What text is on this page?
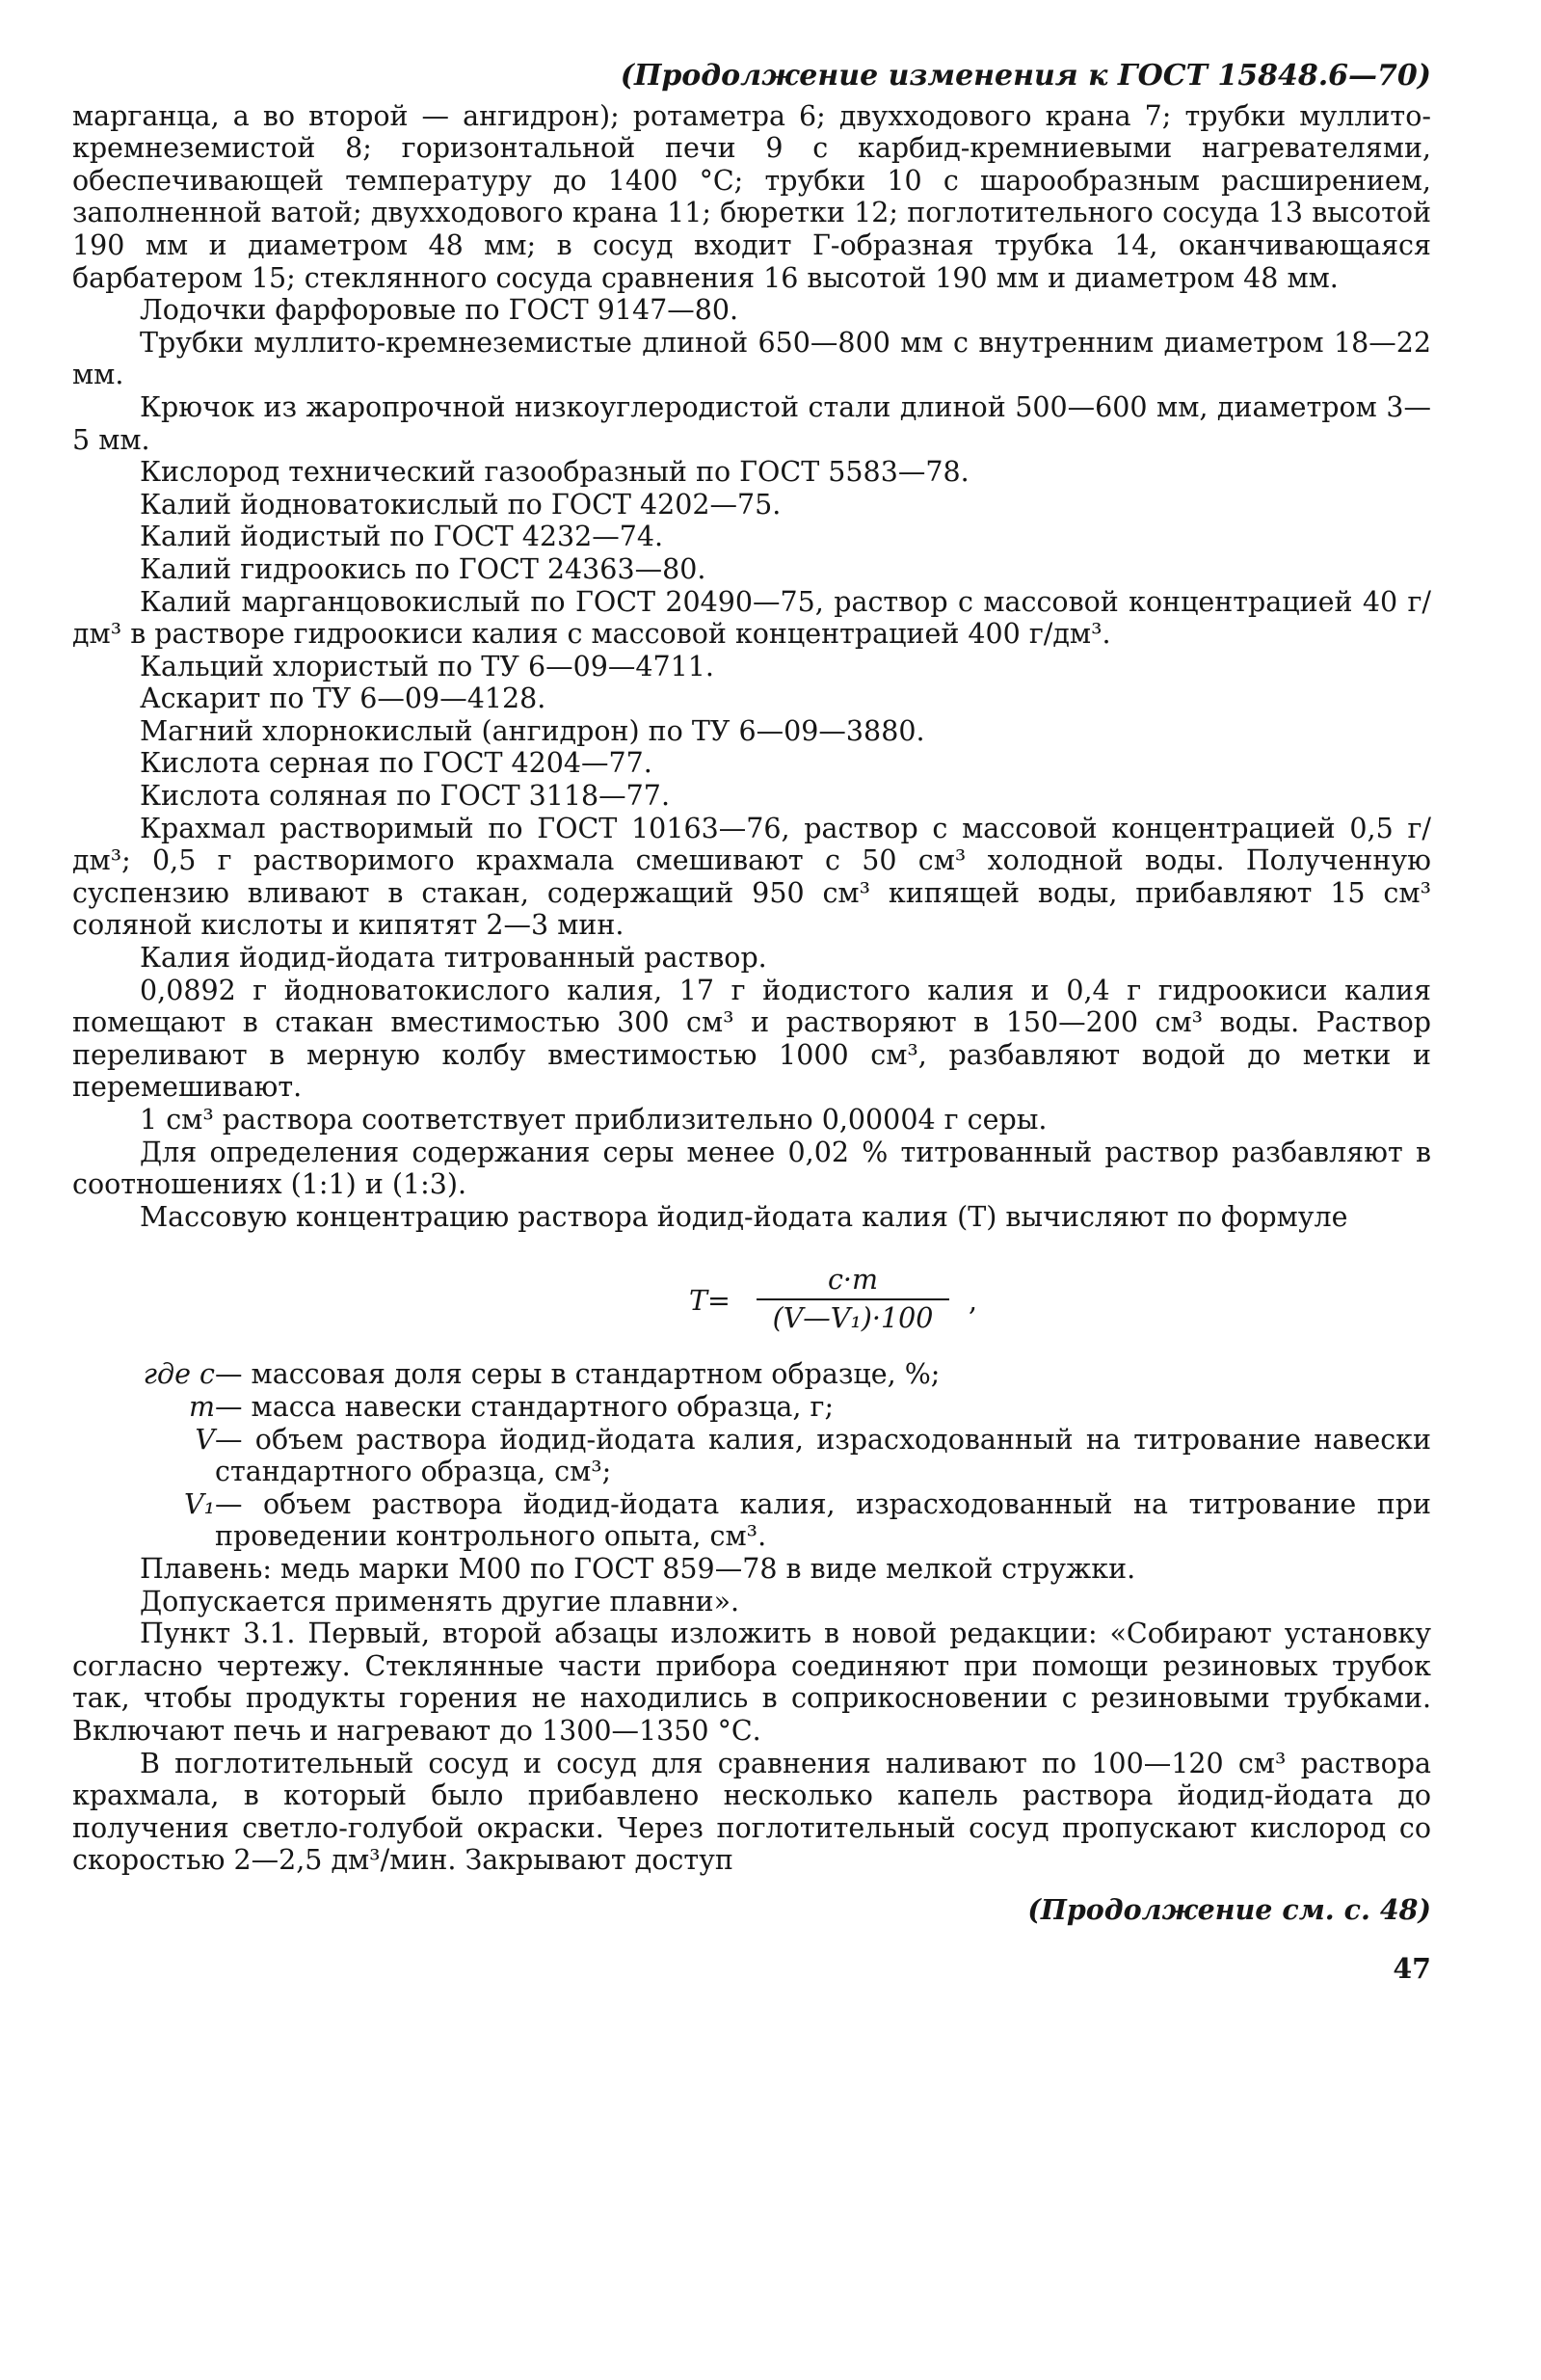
(Продолжение изменения к ГОСТ 15848.6—70)

марганца, а во второй — ангидрон); ротаметра 6; двухходового крана 7; трубки муллито-кремнеземистой 8; горизонтальной печи 9 с карбид-кремниевыми нагревателями, обеспечивающей температуру до 1400 °С; трубки 10 с шарообразным расширением, заполненной ватой; двухходового крана 11; бюретки 12; поглотительного сосуда 13 высотой 190 мм и диаметром 48 мм; в сосуд входит Г-образная трубка 14, оканчивающаяся барбатером 15; стеклянного сосуда сравнения 16 высотой 190 мм и диаметром 48 мм.

Лодочки фарфоровые по ГОСТ 9147—80.

Трубки муллито-кремнеземистые длиной 650—800 мм с внутренним диаметром 18—22 мм.

Крючок из жаропрочной низкоуглеродистой стали длиной 500—600 мм, диаметром 3—5 мм.

Кислород технический газообразный по ГОСТ 5583—78.

Калий йодноватокислый по ГОСТ 4202—75.

Калий йодистый по ГОСТ 4232—74.

Калий гидроокись по ГОСТ 24363—80.

Калий марганцовокислый по ГОСТ 20490—75, раствор с массовой концентрацией 40 г/дм³ в растворе гидроокиси калия с массовой концентрацией 400 г/дм³.

Кальций хлористый по ТУ 6—09—4711.

Аскарит по ТУ 6—09—4128.

Магний хлорнокислый (ангидрон) по ТУ 6—09—3880.

Кислота серная по ГОСТ 4204—77.

Кислота соляная по ГОСТ 3118—77.

Крахмал растворимый по ГОСТ 10163—76, раствор с массовой концентрацией 0,5 г/дм³; 0,5 г растворимого крахмала смешивают с 50 см³ холодной воды. Полученную суспензию вливают в стакан, содержащий 950 см³ кипящей воды, прибавляют 15 см³ соляной кислоты и кипятят 2—3 мин.

Калия йодид-йодата титрованный раствор.

0,0892 г йодноватокислого калия, 17 г йодистого калия и 0,4 г гидроокиси калия помещают в стакан вместимостью 300 см³ и растворяют в 150—200 см³ воды. Раствор переливают в мерную колбу вместимостью 1000 см³, разбавляют водой до метки и перемешивают.

1 см³ раствора соответствует приблизительно 0,00004 г серы.

Для определения содержания серы менее 0,02 % титрованный раствор разбавляют в соотношениях (1:1) и (1:3).

Массовую концентрацию раствора йодид-йодата калия (Т) вычисляют по формуле

$T= \frac{c\cdot m}{\text{(V—V₁)·100}}$ ,
где c — массовая доля серы в стандартном образце, %;
m — масса навески стандартного образца, г;
V — объем раствора йодид-йодата калия, израсходованный на титрование навески стандартного образца, см³;
V₁ — объем раствора йодид-йодата калия, израсходованный на титрование при проведении контрольного опыта, см³.

Плавень: медь марки М00 по ГОСТ 859—78 в виде мелкой стружки.

Допускается применять другие плавни».

Пункт 3.1. Первый, второй абзацы изложить в новой редакции: «Собирают установку согласно чертежу. Стеклянные части прибора соединяют при помощи резиновых трубок так, чтобы продукты горения не находились в соприкосновении с резиновыми трубками. Включают печь и нагревают до 1300—1350 °С.

В поглотительный сосуд и сосуд для сравнения наливают по 100—120 см³ раствора крахмала, в который было прибавлено несколько капель раствора йодид-йодата до получения светло-голубой окраски. Через поглотительный сосуд пропускают кислород со скоростью 2—2,5 дм³/мин. Закрывают доступ

(Продолжение см. с. 48)
47
